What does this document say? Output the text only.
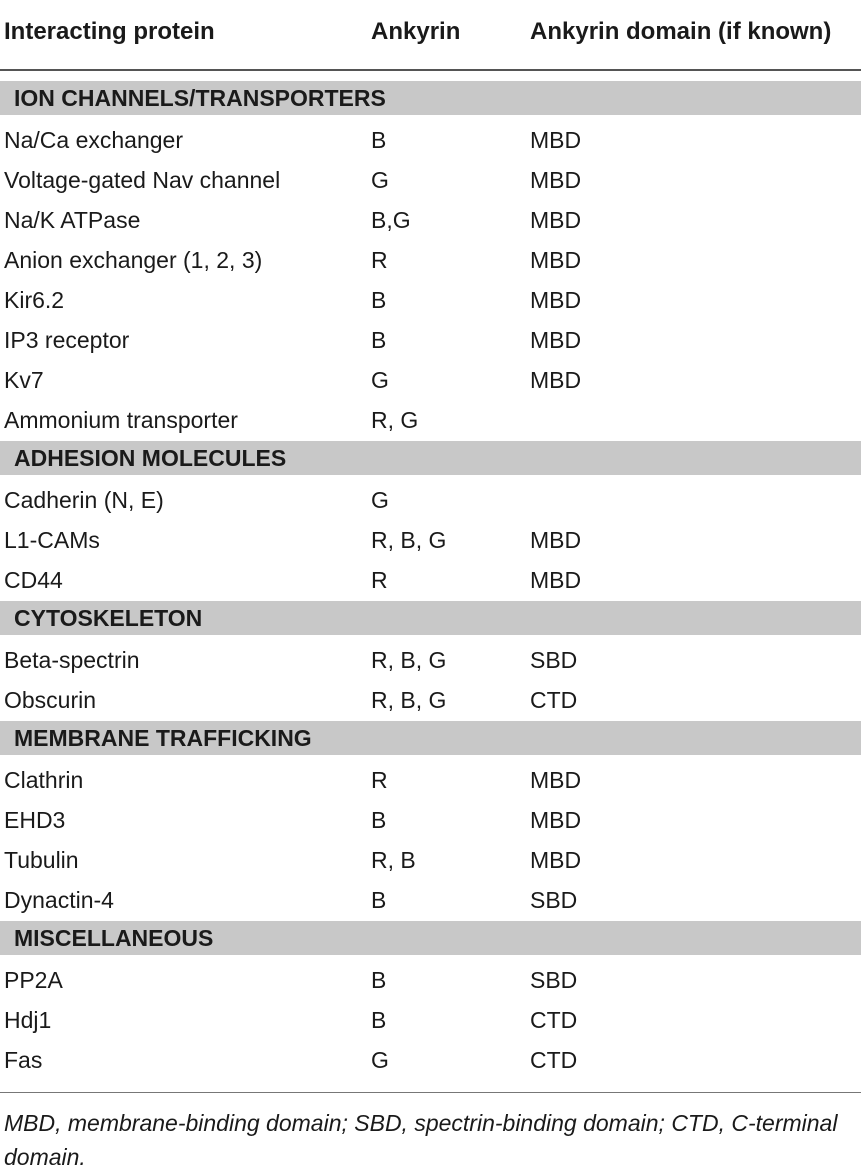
Interacting protein	Ankyrin	Ankyrin domain (if known)
ION CHANNELS/TRANSPORTERS
Na/Ca exchanger	B	MBD
Voltage-gated Nav channel	G	MBD
Na/K ATPase	B,G	MBD
Anion exchanger (1, 2, 3)	R	MBD
Kir6.2	B	MBD
IP3 receptor	B	MBD
Kv7	G	MBD
Ammonium transporter	R, G
ADHESION MOLECULES
Cadherin (N, E)	G
L1-CAMs	R, B, G	MBD
CD44	R	MBD
CYTOSKELETON
Beta-spectrin	R, B, G	SBD
Obscurin	R, B, G	CTD
MEMBRANE TRAFFICKING
Clathrin	R	MBD
EHD3	B	MBD
Tubulin	R, B	MBD
Dynactin-4	B	SBD
MISCELLANEOUS
PP2A	B	SBD
Hdj1	B	CTD
Fas	G	CTD
MBD, membrane-binding domain; SBD, spectrin-binding domain; CTD, C-terminal domain.
